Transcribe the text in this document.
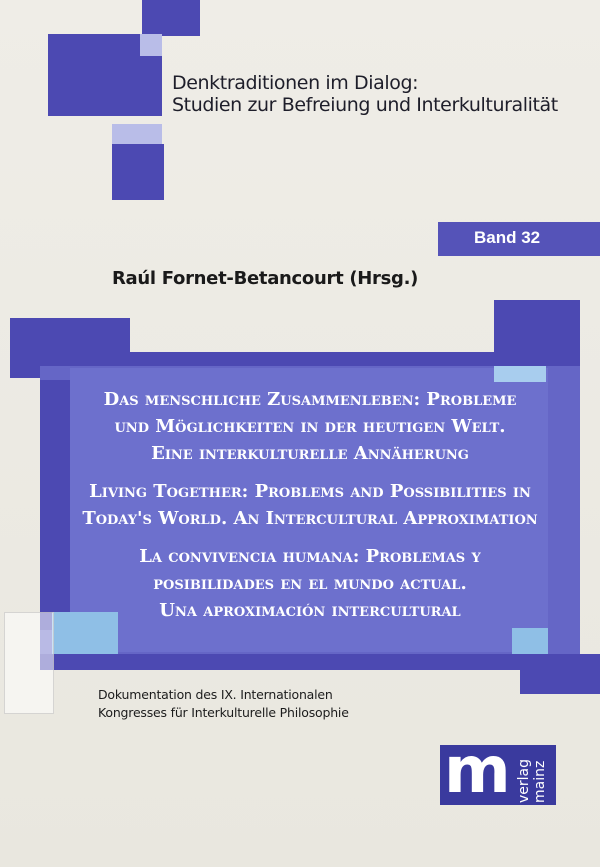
Denktraditionen im Dialog:
Studien zur Befreiung und Interkulturalität
Band 32
Raúl Fornet-Betancourt (Hrsg.)
Das menschliche Zusammenleben: Probleme
und Möglichkeiten in der heutigen Welt.
Eine interkulturelle Annäherung
Living Together: Problems and Possibilities in
Today's World. An Intercultural Approximation
La convivencia humana: Problemas y
posibilidades en el mundo actual.
Una aproximación intercultural
Dokumentation des IX. Internationalen
Kongresses für Interkulturelle Philosophie
m verlag mainz
